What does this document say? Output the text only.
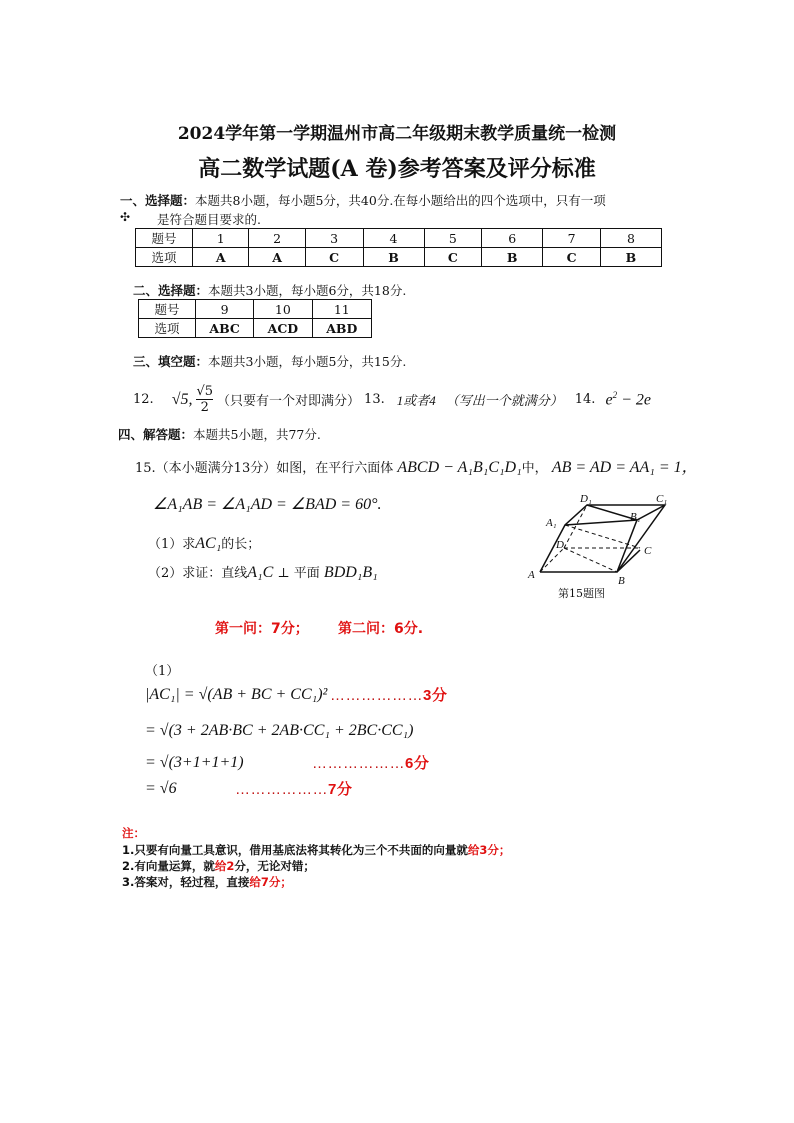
2024学年第一学期温州市高二年级期末教学质量统一检测
高二数学试题(A 卷)参考答案及评分标准
一、选择题：本题共8小题，每小题5分，共40分.在每小题给出的四个选项中，只有一项
是符合题目要求的.
✣
题号	1	2	3	4	5	6	7	8
选项	A	A	C	B	C	B	C	B
二、选择题：本题共3小题，每小题6分，共18分.
题号	9	10	11
选项	ABC	ACD	ABD
三、填空题：本题共3小题，每小题5分，共15分.
12. √5, √5
2 （只要有一个对即满分） 13. 1或者4 （写出一个就满分） 14. $e^2 - 2e$
四、解答题：本题共5小题，共77分.
15.（本小题满分13分）如图，在平行六面体 ABCD − A₁B₁C₁D₁中， AB = AD = AA₁ = 1，
∠A₁AB = ∠A₁AD = ∠BAD = 60°.
（1）求AC₁的长；
（2）求证：直线A₁C ⊥ 平面 BDD₁B₁	A	B
C
D
A₁	B₁
C₁
D₁
第15题图
第一问：7分；      第二问：6分.
（1）
|AC₁| = √(AB + BC + CC₁)² ………………3分
= √(3 + 2AB·BC + 2AB·CC₁ + 2BC·CC₁)
= √(3+1+1+1)	………………6分
= √6	………………7分
注：
1.只要有向量工具意识，借用基底法将其转化为三个不共面的向量就给3分；
2.有向量运算，就给2分，无论对错；
3.答案对，轻过程，直接给7分；
